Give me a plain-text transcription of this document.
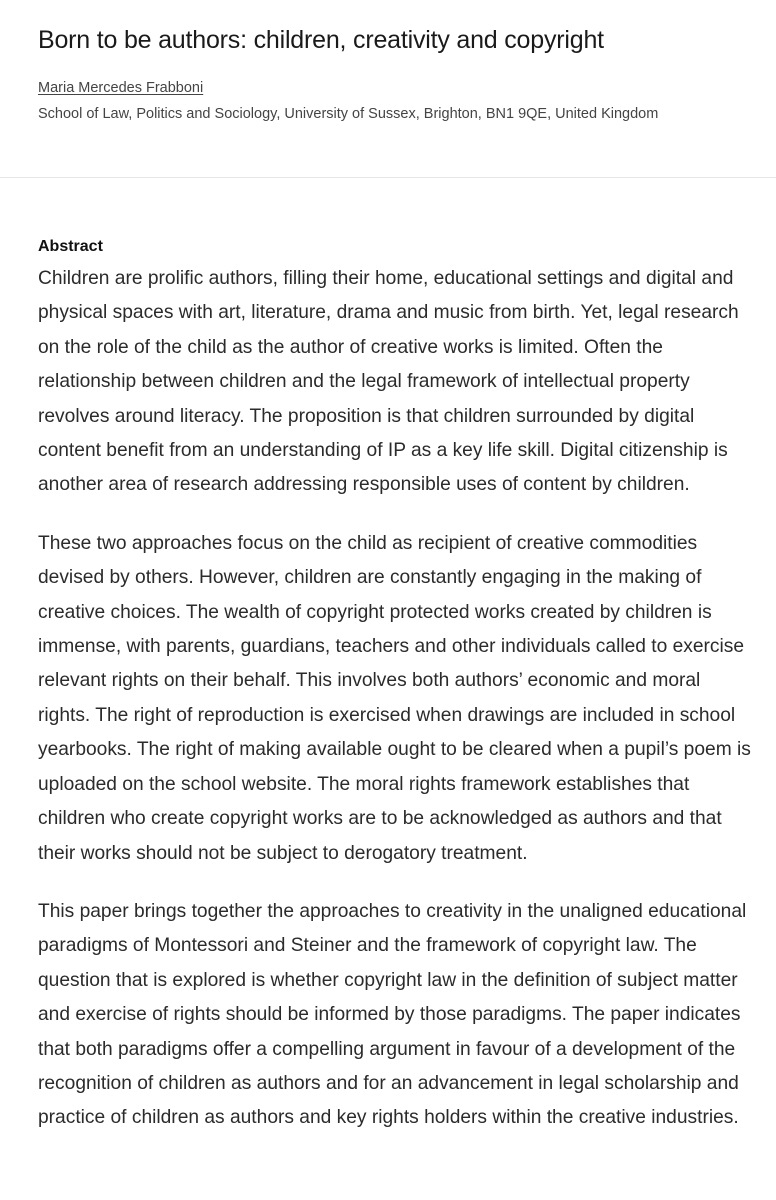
Born to be authors: children, creativity and copyright
Maria Mercedes Frabboni
School of Law, Politics and Sociology, University of Sussex, Brighton, BN1 9QE, United Kingdom
Abstract

Children are prolific authors, filling their home, educational settings and digital and physical spaces with art, literature, drama and music from birth. Yet, legal research on the role of the child as the author of creative works is limited. Often the relationship between children and the legal framework of intellectual property revolves around literacy. The proposition is that children surrounded by digital content benefit from an understanding of IP as a key life skill. Digital citizenship is another area of research addressing responsible uses of content by children.

These two approaches focus on the child as recipient of creative commodities devised by others. However, children are constantly engaging in the making of creative choices. The wealth of copyright protected works created by children is immense, with parents, guardians, teachers and other individuals called to exercise relevant rights on their behalf. This involves both authors’ economic and moral rights. The right of reproduction is exercised when drawings are included in school yearbooks. The right of making available ought to be cleared when a pupil’s poem is uploaded on the school website. The moral rights framework establishes that children who create copyright works are to be acknowledged as authors and that their works should not be subject to derogatory treatment.

This paper brings together the approaches to creativity in the unaligned educational paradigms of Montessori and Steiner and the framework of copyright law. The question that is explored is whether copyright law in the definition of subject matter and exercise of rights should be informed by those paradigms. The paper indicates that both paradigms offer a compelling argument in favour of a development of the recognition of children as authors and for an advancement in legal scholarship and practice of children as authors and key rights holders within the creative industries.
